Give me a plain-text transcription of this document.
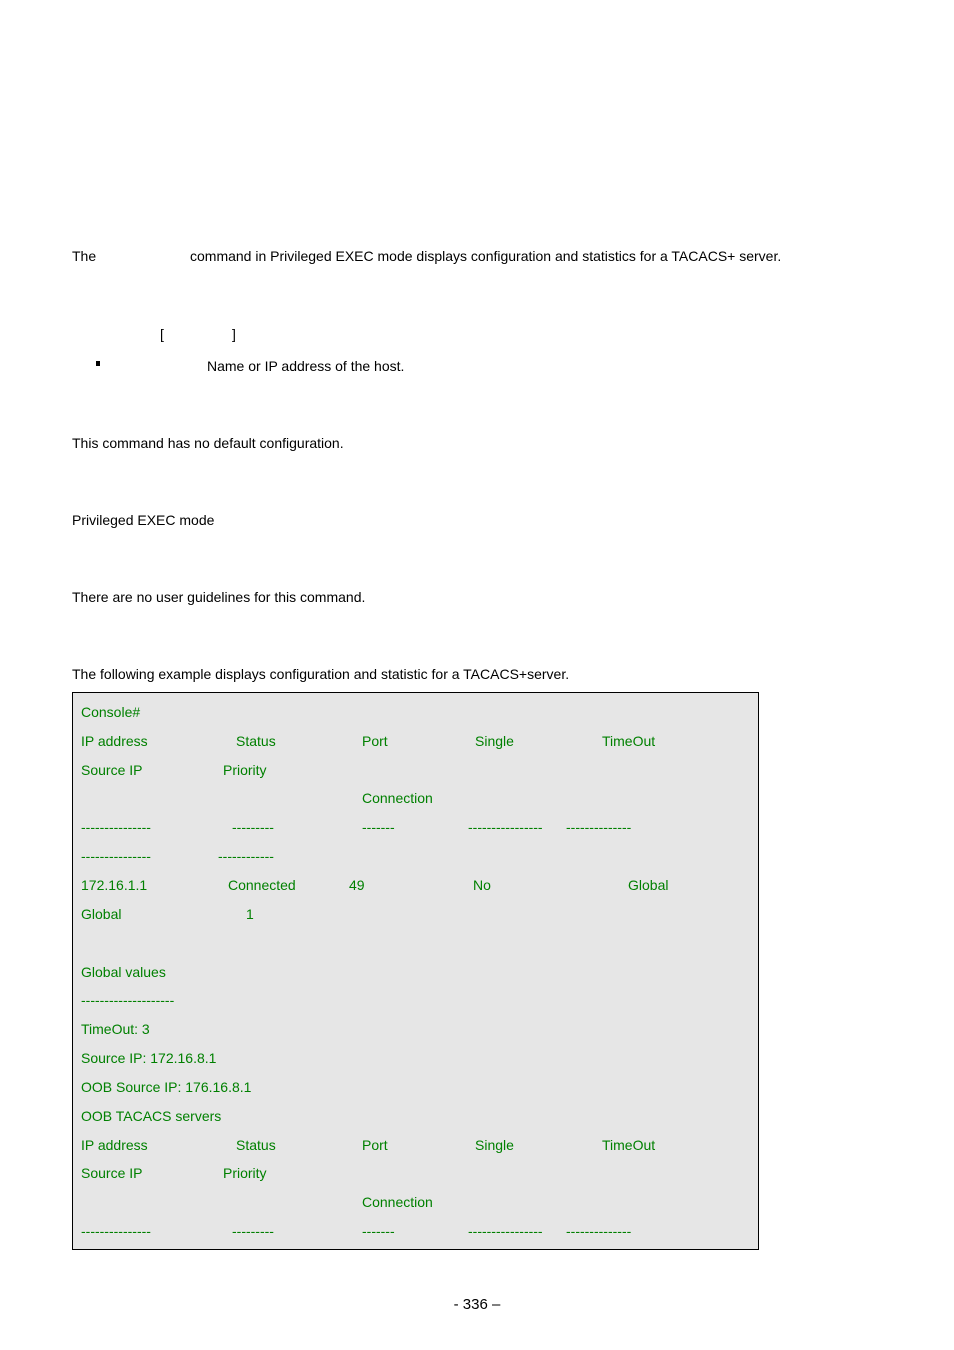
The	command in Privileged EXEC mode displays configuration and statistics for a TACACS+ server.
[	]
Name or IP address of the host.
This command has no default configuration.
Privileged EXEC mode
There are no user guidelines for this command.
The following example displays configuration and statistic for a TACACS+server.
Console#
IP address	Status	Port	Single	TimeOut
Source IP	Priority
Connection
---------------	---------	-------	---------------- --------------
---------------	------------
172.16.1.1	Connected	49	No	Global
Global	1
Global values
--------------------
TimeOut: 3
Source IP: 172.16.8.1
OOB Source IP: 176.16.8.1
OOB TACACS servers
IP address	Status	Port	Single	TimeOut
Source IP	Priority
Connection
---------------	---------	-------	---------------- --------------
- 336 –
